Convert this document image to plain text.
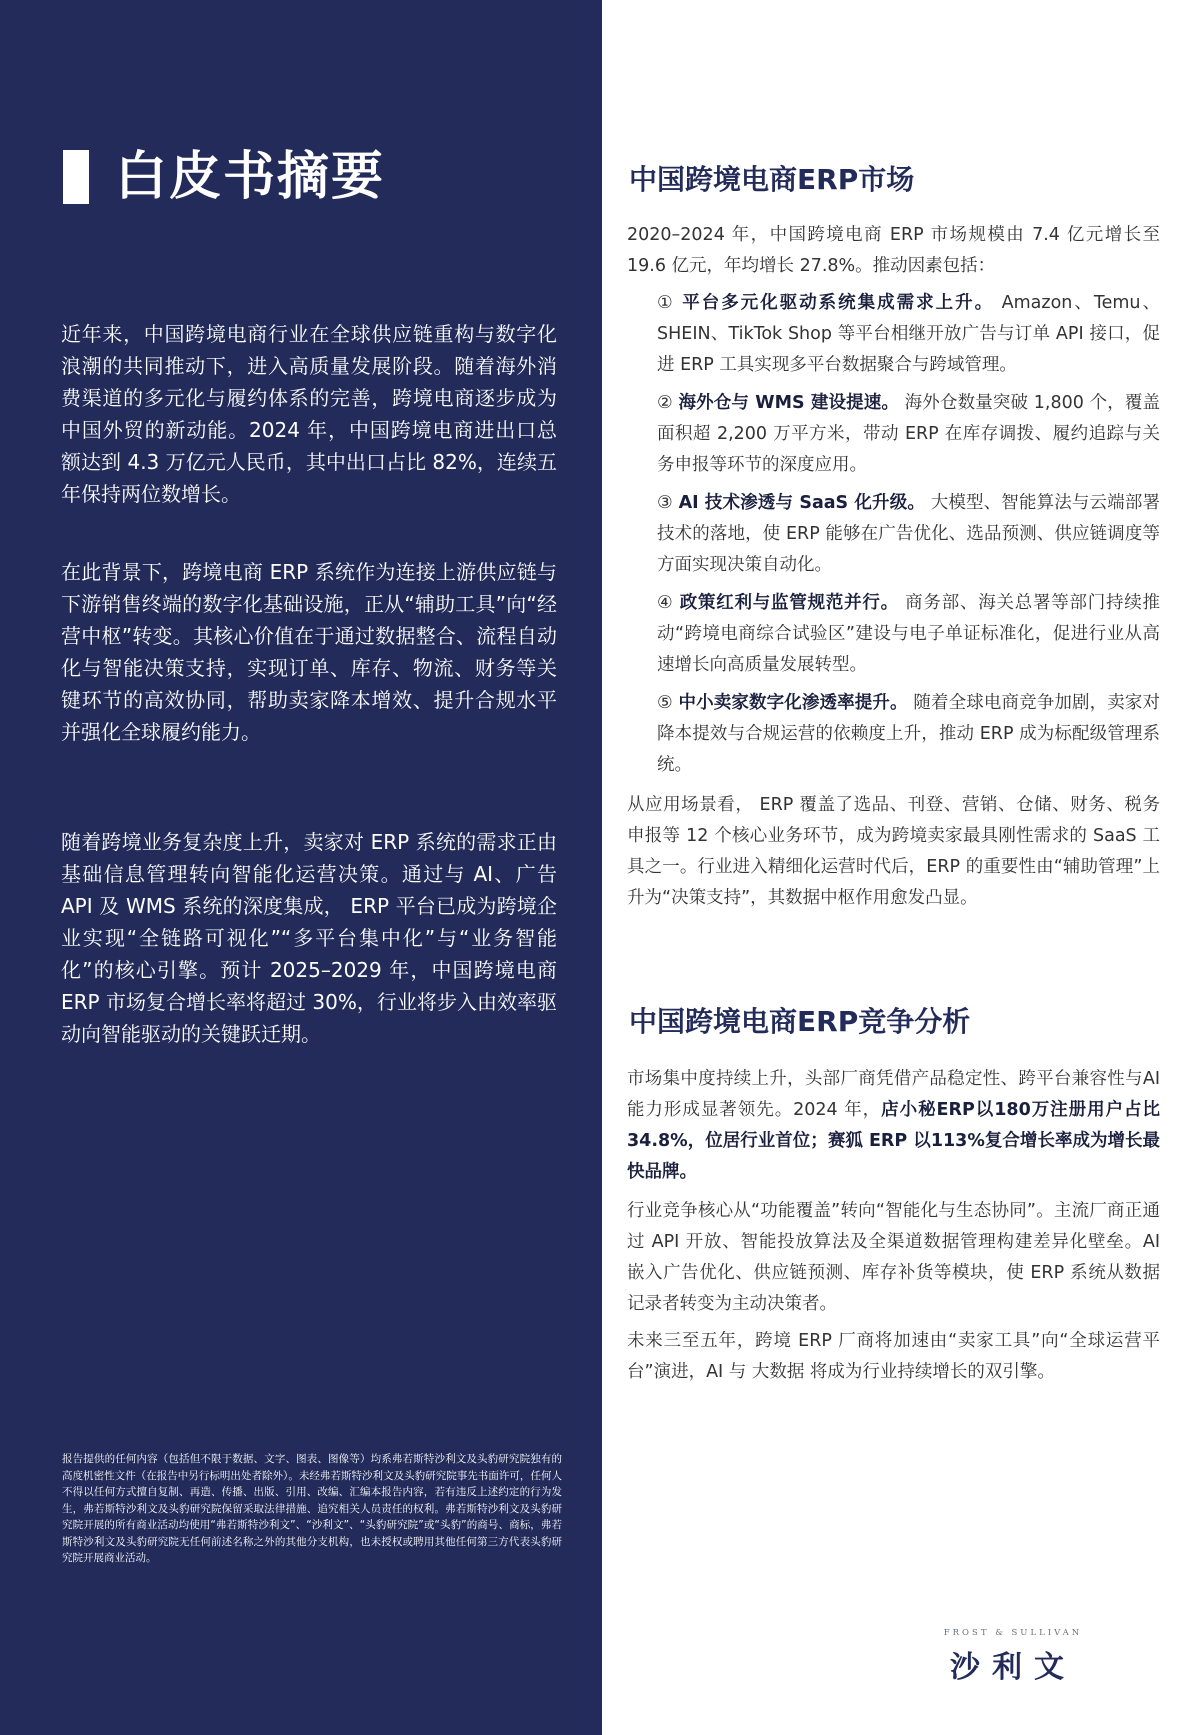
白皮书摘要

近年来，中国跨境电商行业在全球供应链重构与数字化浪潮的共同推动下，进入高质量发展阶段。随着海外消费渠道的多元化与履约体系的完善，跨境电商逐步成为中国外贸的新动能。2024 年，中国跨境电商进出口总额达到 4.3 万亿元人民币，其中出口占比 82%，连续五年保持两位数增长。

在此背景下，跨境电商 ERP 系统作为连接上游供应链与下游销售终端的数字化基础设施，正从“辅助工具”向“经营中枢”转变。其核心价值在于通过数据整合、流程自动化与智能决策支持，实现订单、库存、物流、财务等关键环节的高效协同，帮助卖家降本增效、提升合规水平并强化全球履约能力。

随着跨境业务复杂度上升，卖家对 ERP 系统的需求正由基础信息管理转向智能化运营决策。通过与 AI、广告 API 及 WMS 系统的深度集成， ERP 平台已成为跨境企业实现“全链路可视化”“多平台集中化”与“业务智能化”的核心引擎。预计 2025–2029 年，中国跨境电商 ERP 市场复合增长率将超过 30%，行业将步入由效率驱动向智能驱动的关键跃迁期。

报告提供的任何内容（包括但不限于数据、文字、图表、图像等）均系弗若斯特沙利文及头豹研究院独有的高度机密性文件（在报告中另行标明出处者除外）。未经弗若斯特沙利文及头豹研究院事先书面许可，任何人不得以任何方式擅自复制、再造、传播、出版、引用、改编、汇编本报告内容，若有违反上述约定的行为发生，弗若斯特沙利文及头豹研究院保留采取法律措施、追究相关人员责任的权利。弗若斯特沙利文及头豹研究院开展的所有商业活动均使用“弗若斯特沙利文”、“沙利文”、“头豹研究院”或“头豹”的商号、商标，弗若斯特沙利文及头豹研究院无任何前述名称之外的其他分支机构，也未授权或聘用其他任何第三方代表头豹研究院开展商业活动。

中国跨境电商ERP市场

2020–2024 年，中国跨境电商 ERP 市场规模由 7.4 亿元增长至 19.6 亿元，年均增长 27.8%。推动因素包括：

① 平台多元化驱动系统集成需求上升。 Amazon、Temu、SHEIN、TikTok Shop 等平台相继开放广告与订单 API 接口，促进 ERP 工具实现多平台数据聚合与跨域管理。

② 海外仓与 WMS 建设提速。 海外仓数量突破 1,800 个，覆盖面积超 2,200 万平方米，带动 ERP 在库存调拨、履约追踪与关务申报等环节的深度应用。

③ AI 技术渗透与 SaaS 化升级。 大模型、智能算法与云端部署技术的落地，使 ERP 能够在广告优化、选品预测、供应链调度等方面实现决策自动化。

④ 政策红利与监管规范并行。 商务部、海关总署等部门持续推动“跨境电商综合试验区”建设与电子单证标准化，促进行业从高速增长向高质量发展转型。

⑤ 中小卖家数字化渗透率提升。 随着全球电商竞争加剧，卖家对降本提效与合规运营的依赖度上升，推动 ERP 成为标配级管理系统。

从应用场景看， ERP 覆盖了选品、刊登、营销、仓储、财务、税务申报等 12 个核心业务环节，成为跨境卖家最具刚性需求的 SaaS 工具之一。行业进入精细化运营时代后，ERP 的重要性由“辅助管理”上升为“决策支持”，其数据中枢作用愈发凸显。

中国跨境电商ERP竞争分析

市场集中度持续上升，头部厂商凭借产品稳定性、跨平台兼容性与AI能力形成显著领先。2024 年，店小秘ERP以180万注册用户占比 34.8%，位居行业首位；赛狐 ERP 以113%复合增长率成为增长最快品牌。

行业竞争核心从“功能覆盖”转向“智能化与生态协同”。主流厂商正通过 API 开放、智能投放算法及全渠道数据管理构建差异化壁垒。AI 嵌入广告优化、供应链预测、库存补货等模块，使 ERP 系统从数据记录者转变为主动决策者。

未来三至五年，跨境 ERP 厂商将加速由“卖家工具”向“全球运营平台”演进，AI 与 大数据 将成为行业持续增长的双引擎。

FROST & SULLIVAN
沙利文
